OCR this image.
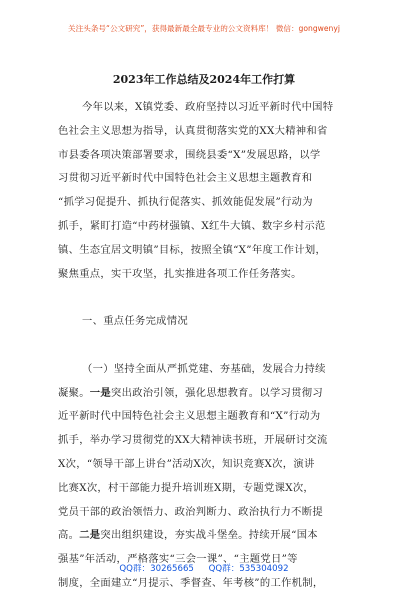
关注头条号“公文研究”，获得最新最全最专业的公文资料库！ 微信：gongwenyj
2023年工作总结及2024年工作打算
今年以来，X镇党委、政府坚持以习近平新时代中国特
色社会主义思想为指导，认真贯彻落实党的XX大精神和省
市县委各项决策部署要求，围绕县委“X”发展思路，以学
习贯彻习近平新时代中国特色社会主义思想主题教育和
“抓学习促提升、抓执行促落实、抓效能促发展”行动为
抓手，紧盯打造“中药材强镇、X红牛大镇、数字乡村示范
镇、生态宜居文明镇”目标，按照全镇“X”年度工作计划，
聚焦重点，实干攻坚，扎实推进各项工作任务落实。
一、重点任务完成情况
（一）坚持全面从严抓党建、夯基础，发展合力持续
凝聚。一是突出政治引领，强化思想教育。以学习贯彻习
近平新时代中国特色社会主义思想主题教育和“X”行动为
抓手，举办学习贯彻党的XX大精神读书班，开展研讨交流
X次，“领导干部上讲台”活动X次，知识竞赛X次，演讲
比赛X次，村干部能力提升培训班X期，专题党课X次，
党员干部的政治领悟力、政治判断力、政治执行力不断提
高。二是突出组织建设，夯实战斗堡垒。持续开展“国本
强基”年活动，严格落实“三会一课”、“主题党日”等
制度，全面建立“月提示、季督查、年考核”的工作机制，
QQ群：30265665 QQ群：535304092
